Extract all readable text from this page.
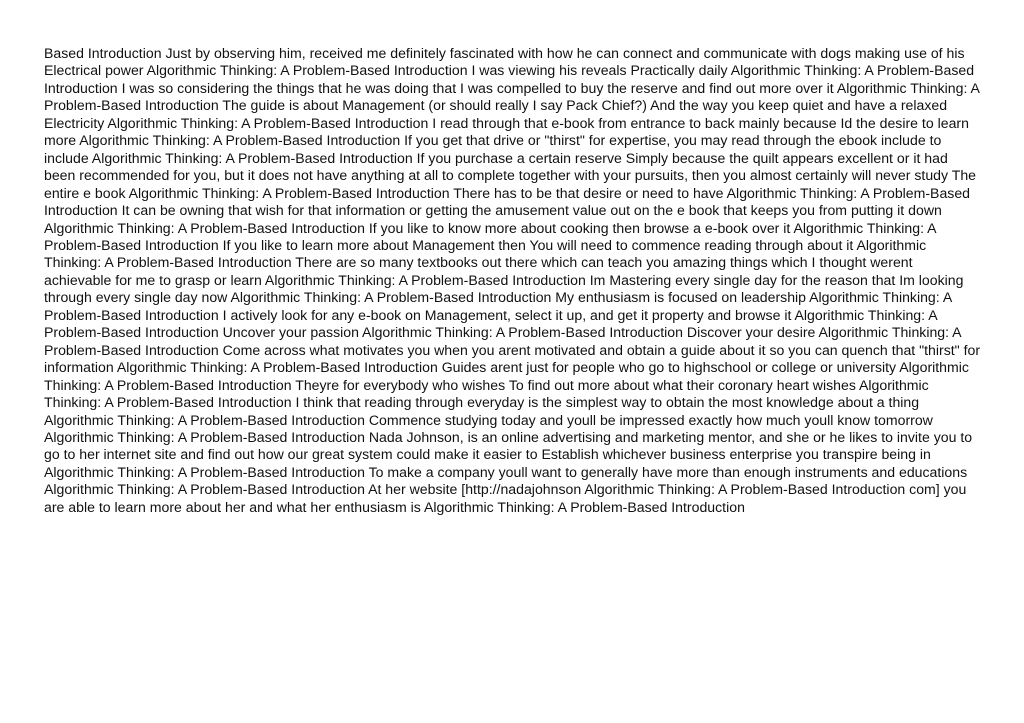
Based Introduction Just by observing him, received me definitely fascinated with how he can connect and communicate with dogs making use of his Electrical power Algorithmic Thinking: A Problem-Based Introduction I was viewing his reveals Practically daily Algorithmic Thinking: A Problem-Based Introduction I was so considering the things that he was doing that I was compelled to buy the reserve and find out more over it Algorithmic Thinking: A Problem-Based Introduction The guide is about Management (or should really I say Pack Chief?) And the way you keep quiet and have a relaxed Electricity Algorithmic Thinking: A Problem-Based Introduction I read through that e-book from entrance to back mainly because Id the desire to learn more Algorithmic Thinking: A Problem-Based Introduction If you get that drive or "thirst" for expertise, you may read through the ebook include to include Algorithmic Thinking: A Problem-Based Introduction If you purchase a certain reserve Simply because the quilt appears excellent or it had been recommended for you, but it does not have anything at all to complete together with your pursuits, then you almost certainly will never study The entire e book Algorithmic Thinking: A Problem-Based Introduction There has to be that desire or need to have Algorithmic Thinking: A Problem-Based Introduction It can be owning that wish for that information or getting the amusement value out on the e book that keeps you from putting it down Algorithmic Thinking: A Problem-Based Introduction If you like to know more about cooking then browse a e-book over it Algorithmic Thinking: A Problem-Based Introduction If you like to learn more about Management then You will need to commence reading through about it Algorithmic Thinking: A Problem-Based Introduction There are so many textbooks out there which can teach you amazing things which I thought werent achievable for me to grasp or learn Algorithmic Thinking: A Problem-Based Introduction Im Mastering every single day for the reason that Im looking through every single day now Algorithmic Thinking: A Problem-Based Introduction My enthusiasm is focused on leadership Algorithmic Thinking: A Problem-Based Introduction I actively look for any e-book on Management, select it up, and get it property and browse it Algorithmic Thinking: A Problem-Based Introduction Uncover your passion Algorithmic Thinking: A Problem-Based Introduction Discover your desire Algorithmic Thinking: A Problem-Based Introduction Come across what motivates you when you arent motivated and obtain a guide about it so you can quench that "thirst" for information Algorithmic Thinking: A Problem-Based Introduction Guides arent just for people who go to highschool or college or university Algorithmic Thinking: A Problem-Based Introduction Theyre for everybody who wishes To find out more about what their coronary heart wishes Algorithmic Thinking: A Problem-Based Introduction I think that reading through everyday is the simplest way to obtain the most knowledge about a thing Algorithmic Thinking: A Problem-Based Introduction Commence studying today and youll be impressed exactly how much youll know tomorrow Algorithmic Thinking: A Problem-Based Introduction Nada Johnson, is an online advertising and marketing mentor, and she or he likes to invite you to go to her internet site and find out how our great system could make it easier to Establish whichever business enterprise you transpire being in Algorithmic Thinking: A Problem-Based Introduction To make a company youll want to generally have more than enough instruments and educations Algorithmic Thinking: A Problem-Based Introduction At her website [http://nadajohnson Algorithmic Thinking: A Problem-Based Introduction com] you are able to learn more about her and what her enthusiasm is Algorithmic Thinking: A Problem-Based Introduction
